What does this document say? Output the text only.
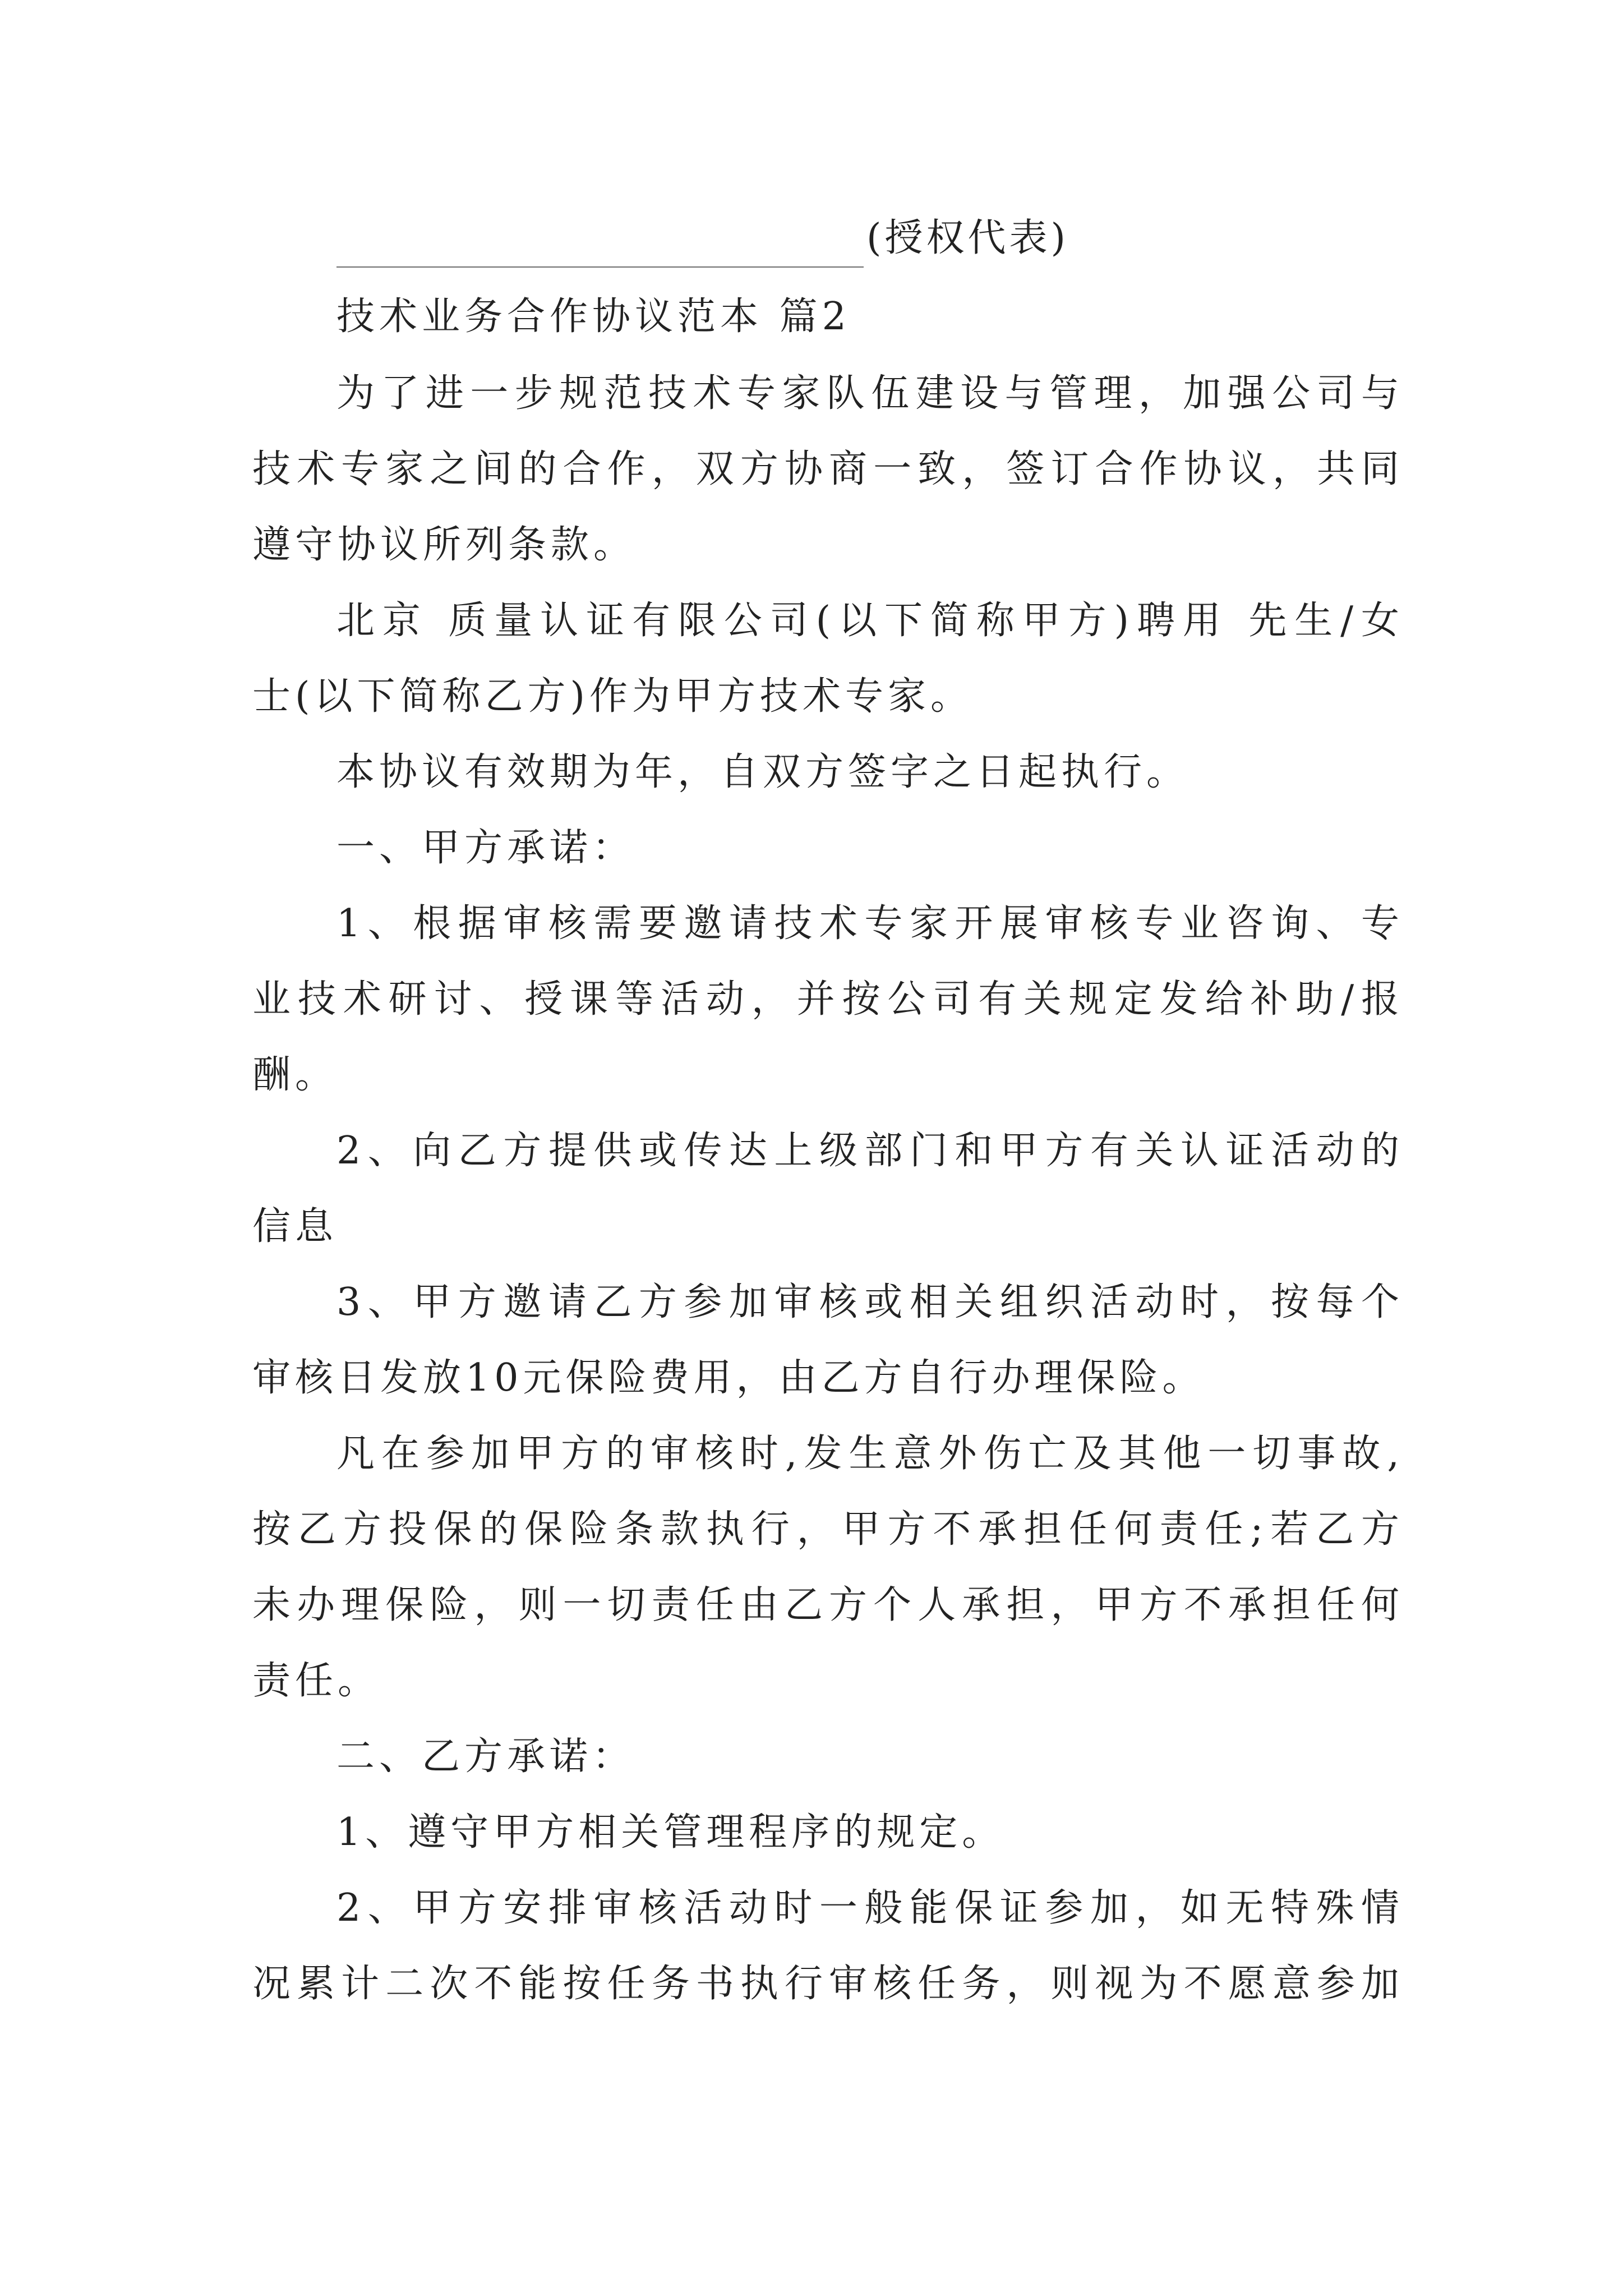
(授权代表)
技术业务合作协议范本 篇2
为了进一步规范技术专家队伍建设与管理，加强公司与
技术专家之间的合作，双方协商一致，签订合作协议，共同
遵守协议所列条款。
北京 质量认证有限公司(以下简称甲方)聘用 先生/女
士(以下简称乙方)作为甲方技术专家。
本协议有效期为年，自双方签字之日起执行。
一、甲方承诺：
1、根据审核需要邀请技术专家开展审核专业咨询、专
业技术研讨、授课等活动，并按公司有关规定发给补助/报
酬。
2、向乙方提供或传达上级部门和甲方有关认证活动的
信息
3、甲方邀请乙方参加审核或相关组织活动时，按每个
审核日发放10元保险费用，由乙方自行办理保险。
凡在参加甲方的审核时,发生意外伤亡及其他一切事故,
按乙方投保的保险条款执行，甲方不承担任何责任;若乙方
未办理保险，则一切责任由乙方个人承担，甲方不承担任何
责任。
二、乙方承诺：
1、遵守甲方相关管理程序的规定。
2、甲方安排审核活动时一般能保证参加，如无特殊情
况累计二次不能按任务书执行审核任务，则视为不愿意参加
